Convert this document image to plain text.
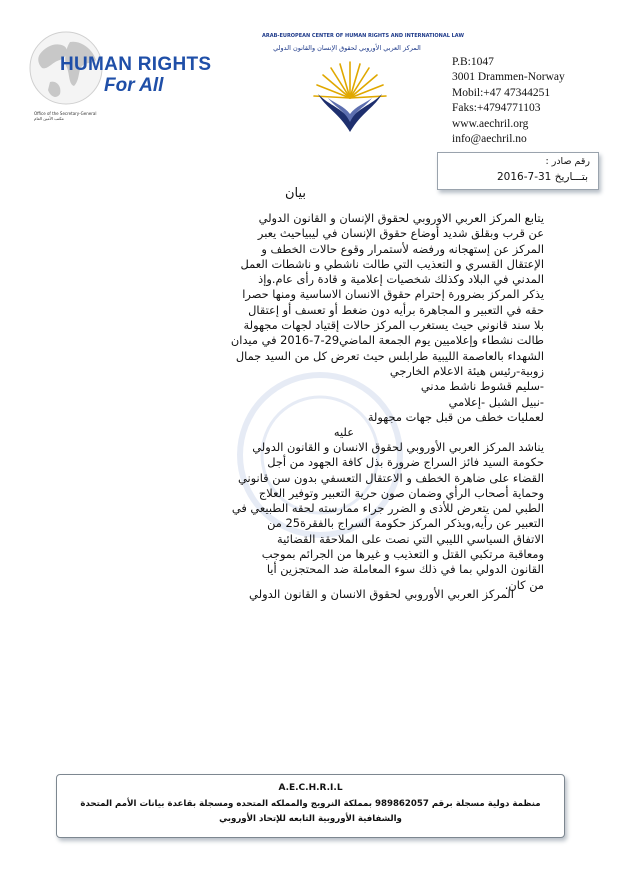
HUMAN RIGHTS
For All
Office of the Secretary-General
مكتب الأمين العام
ARAB-EUROPEAN CENTER OF HUMAN RIGHTS AND INTERNATIONAL LAW
المركز العربي الأوروبي لحقوق الإنسان والقانون الدولي
P.B:1047
3001 Drammen-Norway
Mobil:+47 47344251
Faks:+4794771103
www.aechril.org
info@aechril.no
رقم صادر :
بتـــاريخ 31-7-2016
بيان
يتابع المركز العربي الاوروبي لحقوق الإنسان و القانون الدولي
عن قرب وبقلق شديد أوضاع حقوق الإنسان في ليبياحيث يعبر
المركز عن إستهجانه ورفضه لأستمرار وقوع حالات الخطف و
الإعتقال القسري و التعذيب التي طالت ناشطي و ناشطات العمل
المدني في البلاد وكذلك شخصيات إعلامية و قادة رأى عام.وإذ
يذكر المركز بضرورة إحترام حقوق الانسان الاساسية ومنها حصرا
حقه في التعبير و المجاهرة برأيه دون ضغط أو تعسف أو إعتقال
بلا سند قانوني حيث يستغرب المركز حالات إقتياد لجهات مجهولة
طالت نشطاء وإعلاميين يوم الجمعة الماضي29-7-2016 في ميدان
الشهداء بالعاصمة الليبية طرابلس حيث تعرض كل من السيد جمال
زوبية-رئيس هيئة الاعلام الخارجي
-سليم قشوط ناشط مدني
-نبيل الشبل -إعلامي
لعمليات خطف من قبل جهات مجهولة
عليه
يناشد المركز العربي الأوروبي لحقوق الانسان و القانون الدولي
حكومة السيد فائز السراج ضرورة بذل كافة الجهود من أجل
القضاء على ضاهرة الخطف و الاعتقال التعسفي بدون سن قانوني
وحماية أصحاب الرأي وضمان صون حرية التعبير وتوفير العلاج
الطبي لمن يتعرض للأذى و الضرر جراء ممارسته لحقه الطبيعي في
التعبير عن رأيه,ويذكر المركز حكومة السراج بالفقرة25 من
الاتفاق السياسي الليبي التي نصت على الملاحقة القضائية
ومعاقبة مرتكبي القتل و التعذيب و غيرها من الجرائم بموجب
القانون الدولي بما في ذلك سوء المعاملة ضد المحتجزين أيا
من كان.
المركز العربي الأوروبي لحقوق الانسان و القانون الدولي
A.E.C.H.R.I.L
منظمة دولية مسجلة برقم 989862057 بمملكة النرويج والمملكه المتحده ومسجلة بقاعدة بيانات الأمم المتحدة
والشفافية الأوروبية التابعه للإتحاد الأوروبي
